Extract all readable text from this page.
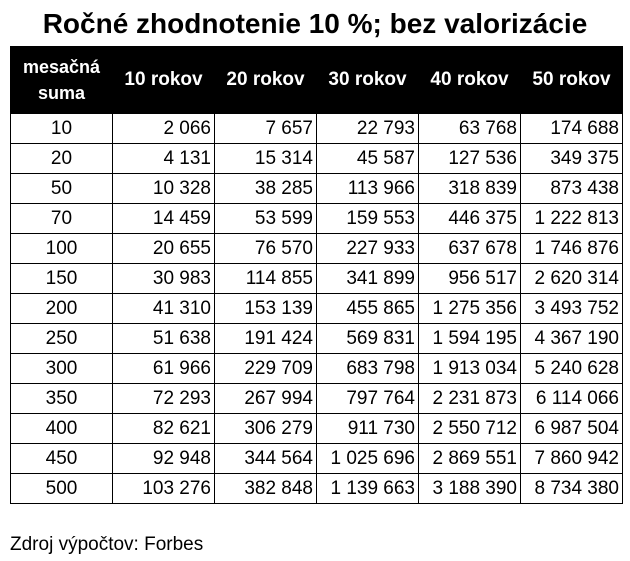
Ročné zhodnotenie 10 %; bez valorizácie
mesačná
suma	10 rokov	20 rokov	30 rokov	40 rokov	50 rokov
10	2 066	7 657	22 793	63 768	174 688
20	4 131	15 314	45 587	127 536	349 375
50	10 328	38 285	113 966	318 839	873 438
70	14 459	53 599	159 553	446 375	1 222 813
100	20 655	76 570	227 933	637 678	1 746 876
150	30 983	114 855	341 899	956 517	2 620 314
200	41 310	153 139	455 865	1 275 356	3 493 752
250	51 638	191 424	569 831	1 594 195	4 367 190
300	61 966	229 709	683 798	1 913 034	5 240 628
350	72 293	267 994	797 764	2 231 873	6 114 066
400	82 621	306 279	911 730	2 550 712	6 987 504
450	92 948	344 564	1 025 696	2 869 551	7 860 942
500	103 276	382 848	1 139 663	3 188 390	8 734 380
Zdroj výpočtov: Forbes
